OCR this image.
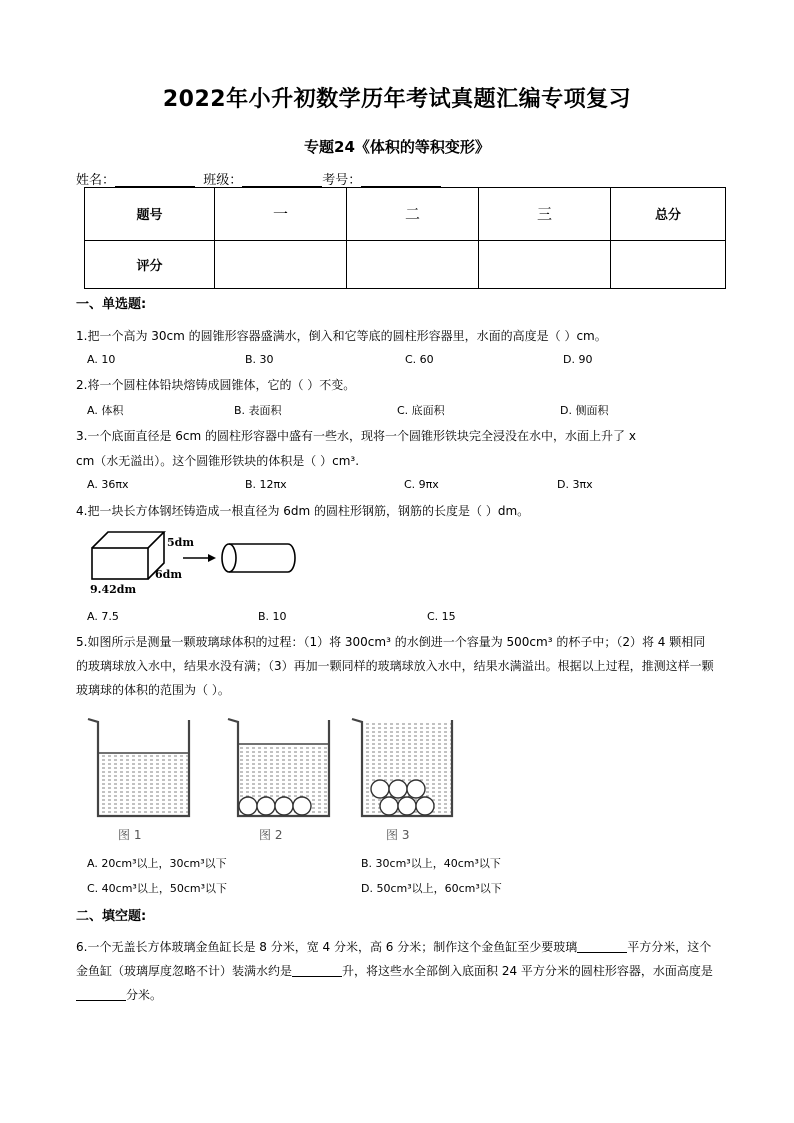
2022年小升初数学历年考试真题汇编专项复习
专题24《体积的等积变形》
姓名：	班级：	考号：
题号	一	二	三	总分
评分				
一、单选题:
1.把一个高为 30cm 的圆锥形容器盛满水，倒入和它等底的圆柱形容器里，水面的高度是（ ）cm。
A. 10	B. 30	C. 60	D. 90
2.将一个圆柱体铅块熔铸成圆锥体，它的（ ）不变。
A. 体积	B. 表面积	C. 底面积	D. 侧面积
3.一个底面直径是 6cm 的圆柱形容器中盛有一些水，现将一个圆锥形铁块完全浸没在水中，水面上升了 x
cm（水无溢出）。这个圆锥形铁块的体积是（ ）cm³.
A. 36πx	B. 12πx	C. 9πx	D. 3πx
4.把一块长方体钢坯铸造成一根直径为 6dm 的圆柱形钢筋，钢筋的长度是（ ）dm。
5dm
6dm
9.42dm
A. 7.5	B. 10	C. 15
5.如图所示是测量一颗玻璃球体积的过程：（1）将 300cm³ 的水倒进一个容量为 500cm³ 的杯子中；（2）将 4 颗相同的玻璃球放入水中，结果水没有满；（3）再加一颗同样的玻璃球放入水中，结果水满溢出。根据以上过程，推测这样一颗玻璃球的体积的范围为（ ）。
图 1	图 2	图 3
A. 20cm³以上，30cm³以下	B. 30cm³以上，40cm³以下
C. 40cm³以上，50cm³以下	D. 50cm³以上，60cm³以下
二、填空题:
6.一个无盖长方体玻璃金鱼缸长是 8 分米，宽 4 分米，高 6 分米；制作这个金鱼缸至少要玻璃	平方分米，这个金鱼缸（玻璃厚度忽略不计）装满水约是	升，将这些水全部倒入底面积 24 平方分米的圆柱形容器，水面高度是分米。
